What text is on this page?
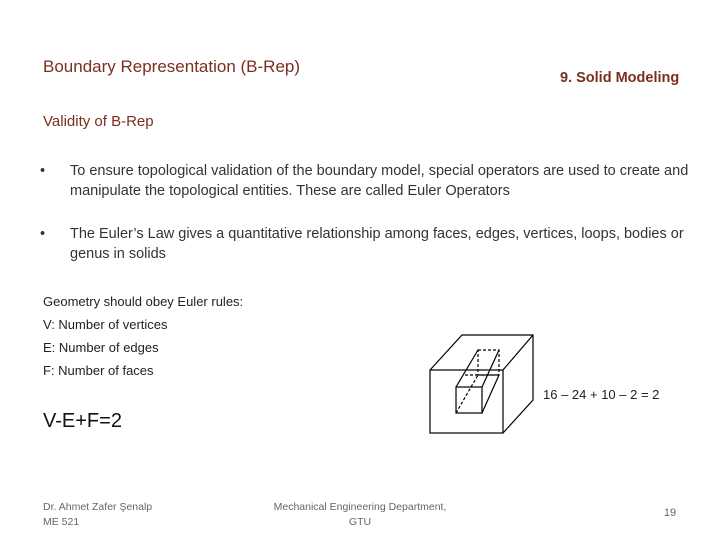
Boundary Representation (B-Rep)
9. Solid Modeling
Validity of B-Rep
•	To ensure topological validation of the boundary model, special operators are used to create and manipulate the topological entities. These are called Euler Operators
•	The Euler’s Law gives a quantitative relationship among faces, edges, vertices, loops, bodies or genus in solids
Geometry should obey Euler rules:
V: Number of vertices
E: Number of edges
F: Number of faces
16 – 24 + 10 – 2 = 2
V-E+F=2
Dr. Ahmet Zafer Şenalp
ME 521
Mechanical Engineering Department,
GTU
19
